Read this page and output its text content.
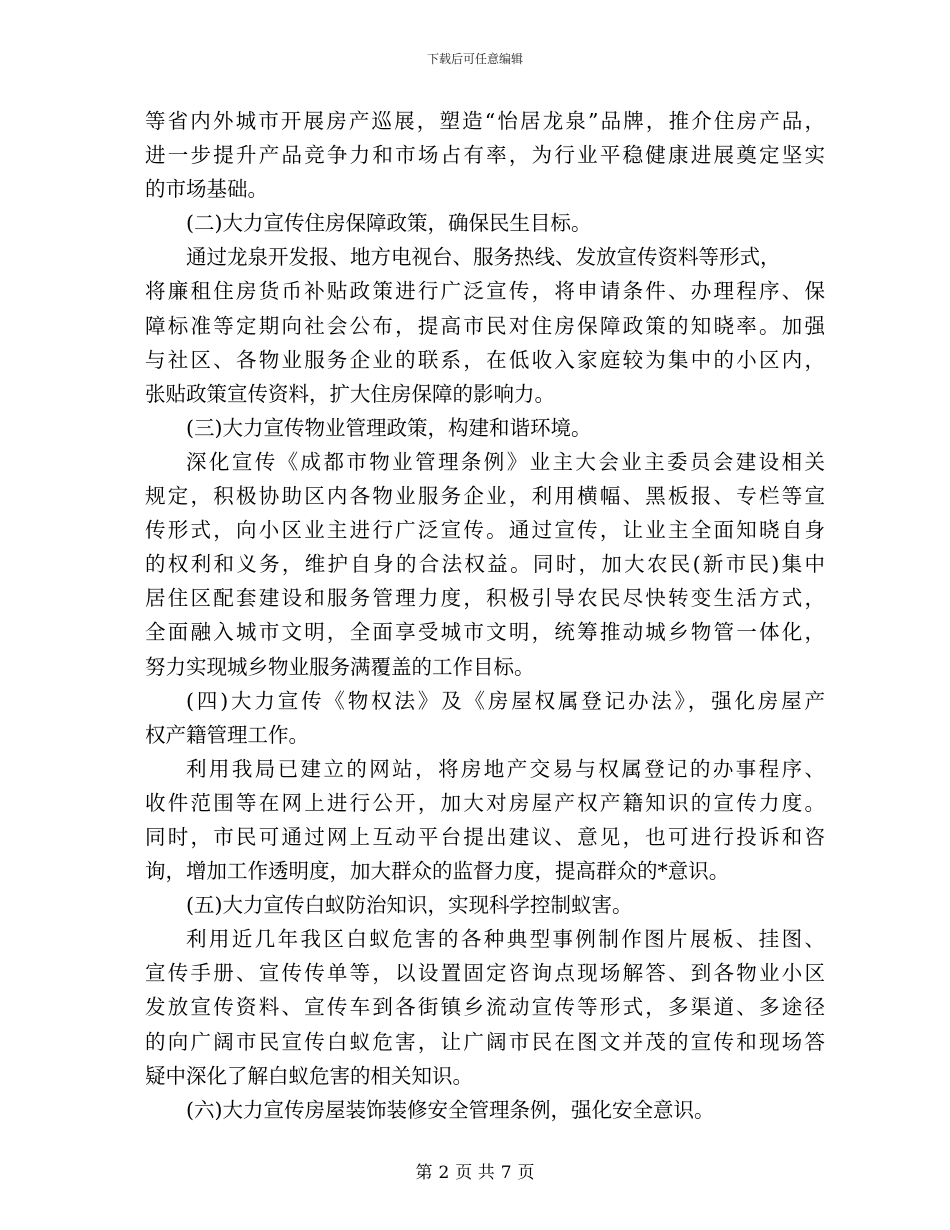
下载后可任意编辑
等省内外城市开展房产巡展，塑造“怡居龙泉”品牌，推介住房产品，
进一步提升产品竞争力和市场占有率，为行业平稳健康进展奠定坚实
的市场基础。
(二)大力宣传住房保障政策，确保民生目标。
通过龙泉开发报、地方电视台、服务热线、发放宣传资料等形式，
将廉租住房货币补贴政策进行广泛宣传，将申请条件、办理程序、保
障标准等定期向社会公布，提高市民对住房保障政策的知晓率。加强
与社区、各物业服务企业的联系，在低收入家庭较为集中的小区内，
张贴政策宣传资料，扩大住房保障的影响力。
(三)大力宣传物业管理政策，构建和谐环境。
深化宣传《成都市物业管理条例》业主大会业主委员会建设相关
规定，积极协助区内各物业服务企业，利用横幅、黑板报、专栏等宣
传形式，向小区业主进行广泛宣传。通过宣传，让业主全面知晓自身
的权利和义务，维护自身的合法权益。同时，加大农民(新市民)集中
居住区配套建设和服务管理力度，积极引导农民尽快转变生活方式，
全面融入城市文明，全面享受城市文明，统筹推动城乡物管一体化，
努力实现城乡物业服务满覆盖的工作目标。
(四)大力宣传《物权法》及《房屋权属登记办法》，强化房屋产
权产籍管理工作。
利用我局已建立的网站，将房地产交易与权属登记的办事程序、
收件范围等在网上进行公开，加大对房屋产权产籍知识的宣传力度。
同时，市民可通过网上互动平台提出建议、意见，也可进行投诉和咨
询，增加工作透明度，加大群众的监督力度，提高群众的*意识。
(五)大力宣传白蚁防治知识，实现科学控制蚁害。
利用近几年我区白蚁危害的各种典型事例制作图片展板、挂图、
宣传手册、宣传传单等，以设置固定咨询点现场解答、到各物业小区
发放宣传资料、宣传车到各街镇乡流动宣传等形式，多渠道、多途径
的向广阔市民宣传白蚁危害，让广阔市民在图文并茂的宣传和现场答
疑中深化了解白蚁危害的相关知识。
(六)大力宣传房屋装饰装修安全管理条例，强化安全意识。
第 2 页 共 7 页
